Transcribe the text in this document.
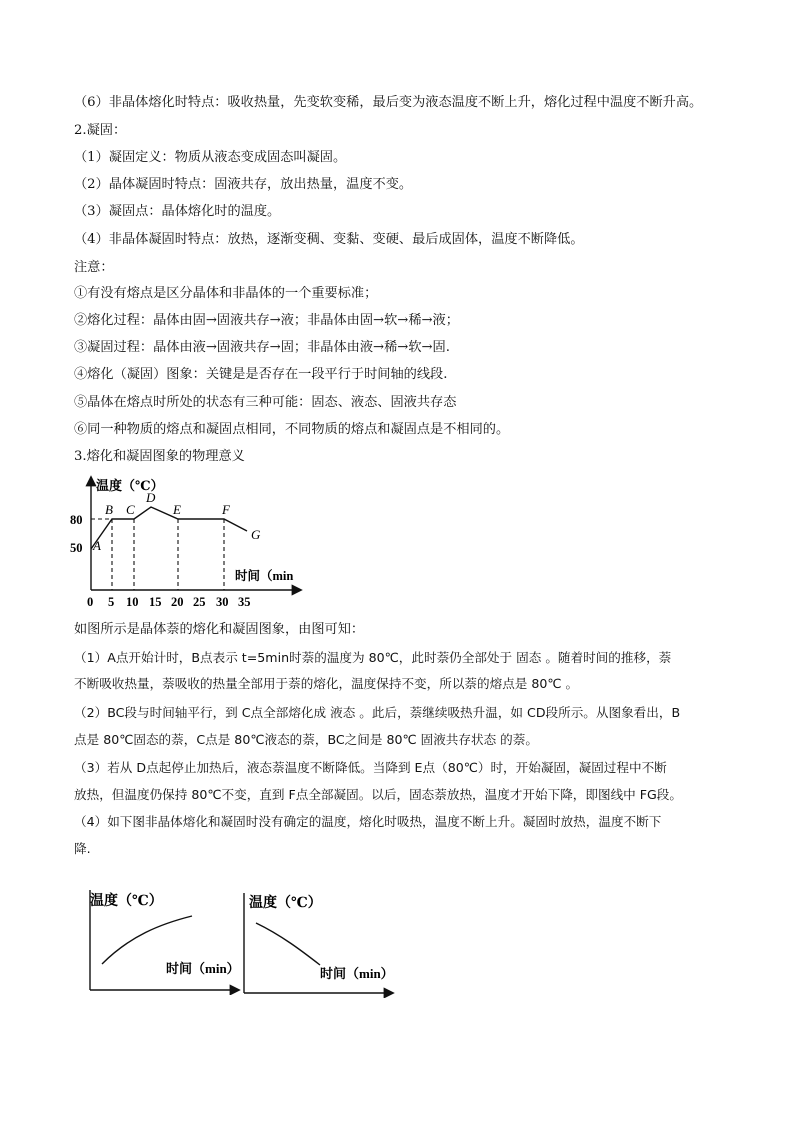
（6）非晶体熔化时特点：吸收热量，先变软变稀，最后变为液态温度不断上升，熔化过程中温度不断升高。
2.凝固：
（1）凝固定义：物质从液态变成固态叫凝固。
（2）晶体凝固时特点：固液共存，放出热量，温度不变。
（3）凝固点：晶体熔化时的温度。
（4）非晶体凝固时特点：放热，逐渐变稠、变黏、变硬、最后成固体，温度不断降低。
注意：
①有没有熔点是区分晶体和非晶体的一个重要标准；
②熔化过程：晶体由固→固液共存→液；非晶体由固→软→稀→液；
③凝固过程：晶体由液→固液共存→固；非晶体由液→稀→软→固.
④熔化（凝固）图象：关键是是否存在一段平行于时间轴的线段.
⑤晶体在熔点时所处的状态有三种可能：固态、液态、固液共存态
⑥同一种物质的熔点和凝固点相同，不同物质的熔点和凝固点是不相同的。
3.熔化和凝固图象的物理意义
温度（℃）
时间（min
80
50 A
B C
D
E	F
G
0 5 10 15 20 25 30 35
如图所示是晶体萘的熔化和凝固图象，由图可知：
（1）A点开始计时，B点表示 t=5min时萘的温度为 80℃，此时萘仍全部处于 固态 。随着时间的推移，萘
不断吸收热量，萘吸收的热量全部用于萘的熔化，温度保持不变，所以萘的熔点是 80℃ 。
（2）BC段与时间轴平行，到 C点全部熔化成 液态 。此后，萘继续吸热升温，如 CD段所示。从图象看出，B
点是 80℃固态的萘，C点是 80℃液态的萘，BC之间是 80℃ 固液共存状态 的萘。
（3）若从 D点起停止加热后，液态萘温度不断降低。当降到 E点（80℃）时，开始凝固，凝固过程中不断
放热，但温度仍保持 80℃不变，直到 F点全部凝固。以后，固态萘放热，温度才开始下降，即图线中 FG段。
（4）如下图非晶体熔化和凝固时没有确定的温度，熔化时吸热，温度不断上升。凝固时放热，温度不断下
降.
温度（℃）
时间（min）
温度（℃）
时间（min）
